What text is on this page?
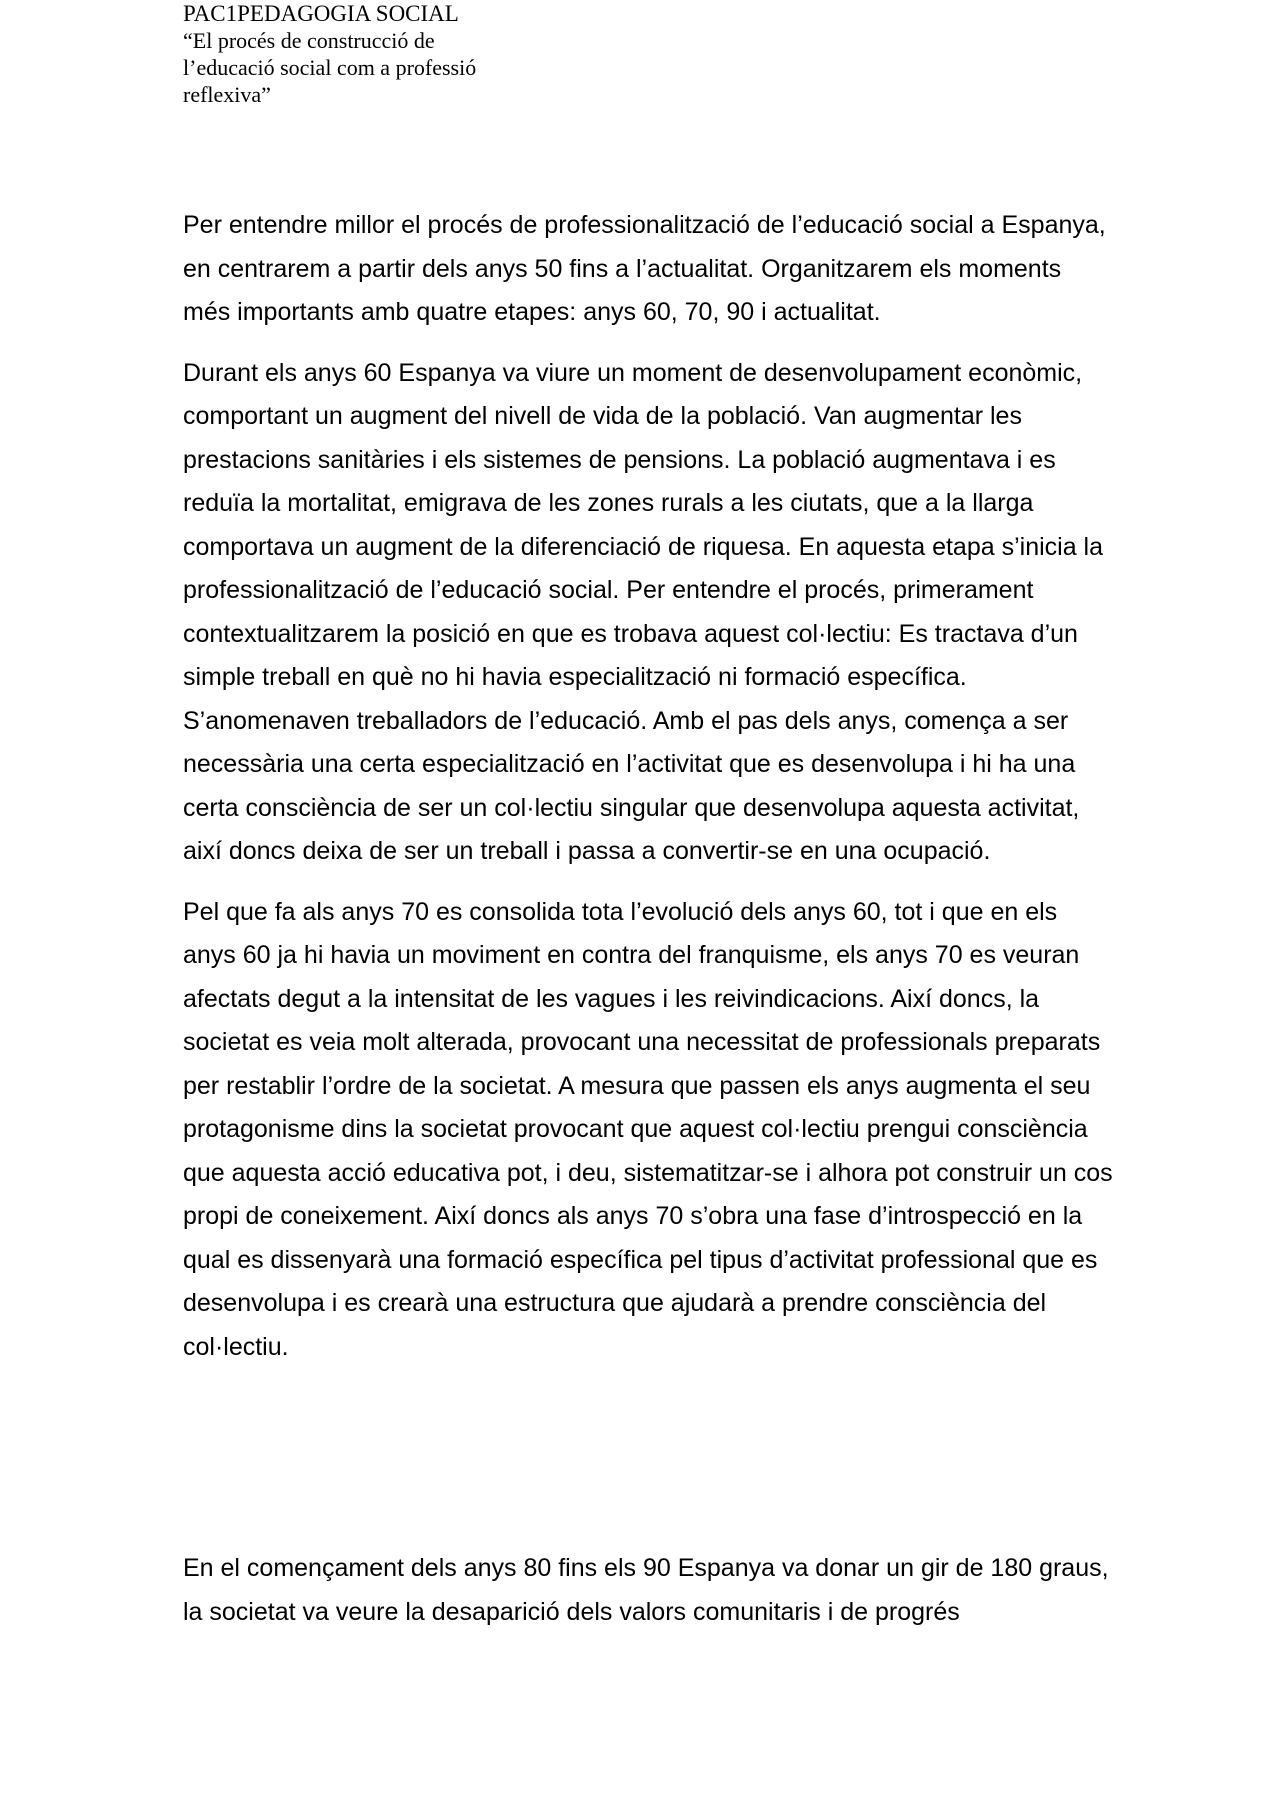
PAC1PEDAGOGIA SOCIAL
“El procés de construcció de
l’educació social com a professió
reflexiva”

Per entendre millor el procés de professionalització de l’educació social a Espanya, en centrarem a partir dels anys 50 fins a l’actualitat. Organitzarem els moments més importants amb quatre etapes: anys 60, 70, 90 i actualitat.

Durant els anys 60 Espanya va viure un moment de desenvolupament econòmic, comportant un augment del nivell de vida de la població. Van augmentar les prestacions sanitàries i els sistemes de pensions. La població augmentava i es reduïa la mortalitat, emigrava de les zones rurals a les ciutats, que a la llarga comportava un augment de la diferenciació de riquesa. En aquesta etapa s’inicia la professionalització de l’educació social. Per entendre el procés, primerament contextualitzarem la posició en que es trobava aquest col·lectiu: Es tractava d’un simple treball en què no hi havia especialització ni formació específica. S’anomenaven treballadors de l’educació. Amb el pas dels anys, comença a ser necessària una certa especialització en l’activitat que es desenvolupa i hi ha una certa consciència de ser un col·lectiu singular que desenvolupa aquesta activitat, així doncs deixa de ser un treball i passa a convertir-se en una ocupació.

Pel que fa als anys 70 es consolida tota l’evolució dels anys 60, tot i que en els anys 60 ja hi havia un moviment en contra del franquisme, els anys 70 es veuran afectats degut a la intensitat de les vagues i les reivindicacions. Així doncs, la societat es veia molt alterada, provocant una necessitat de professionals preparats per restablir l’ordre de la societat. A mesura que passen els anys augmenta el seu protagonisme dins la societat provocant que aquest col·lectiu prengui consciència que aquesta acció educativa pot, i deu, sistematitzar-se i alhora pot construir un cos propi de coneixement. Així doncs als anys 70 s’obra una fase d’introspecció en la qual es dissenyarà una formació específica pel tipus d’activitat professional que es desenvolupa i es crearà una estructura que ajudarà a prendre consciència del col·lectiu.

En el començament dels anys 80 fins els 90 Espanya va donar un gir de 180 graus, la societat va veure la desaparició dels valors comunitaris i de progrés
